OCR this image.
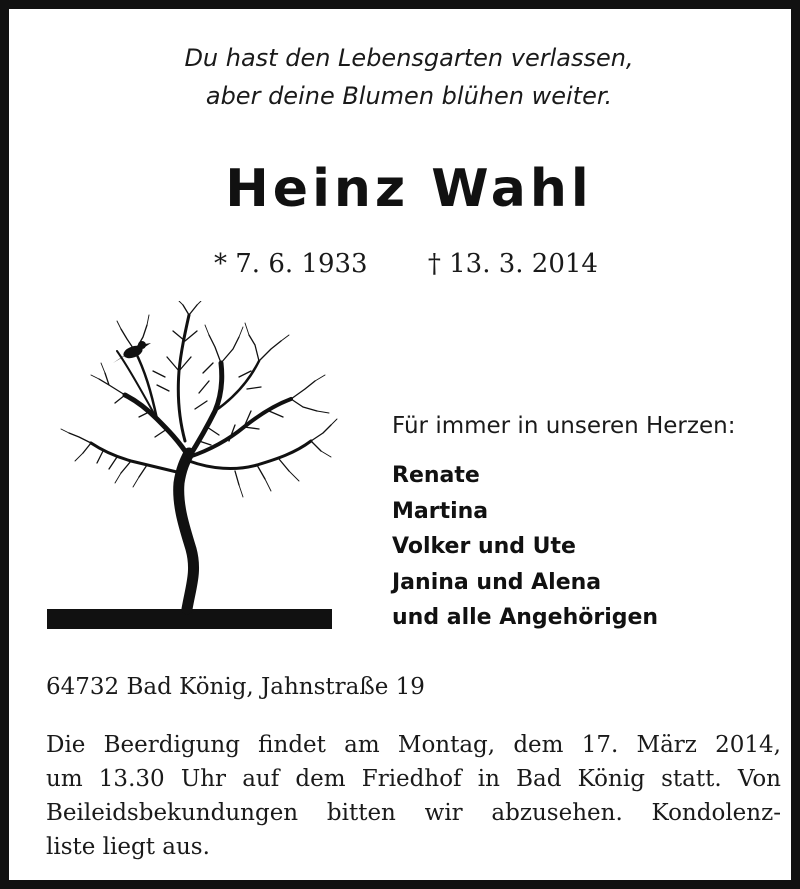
Du hast den Lebensgarten verlassen,
aber deine Blumen blühen weiter.
Heinz Wahl
* 7. 6. 1933 † 13. 3. 2014
Für immer in unseren Herzen:
Renate
Martina
Volker und Ute
Janina und Alena
und alle Angehörigen
64732 Bad König, Jahnstraße 19
Die Beerdigung findet am Montag, dem 17. März 2014,
um 13.30 Uhr auf dem Friedhof in Bad König statt. Von
Beileidsbekundungen bitten wir abzusehen. Kondolenz-
liste liegt aus.
